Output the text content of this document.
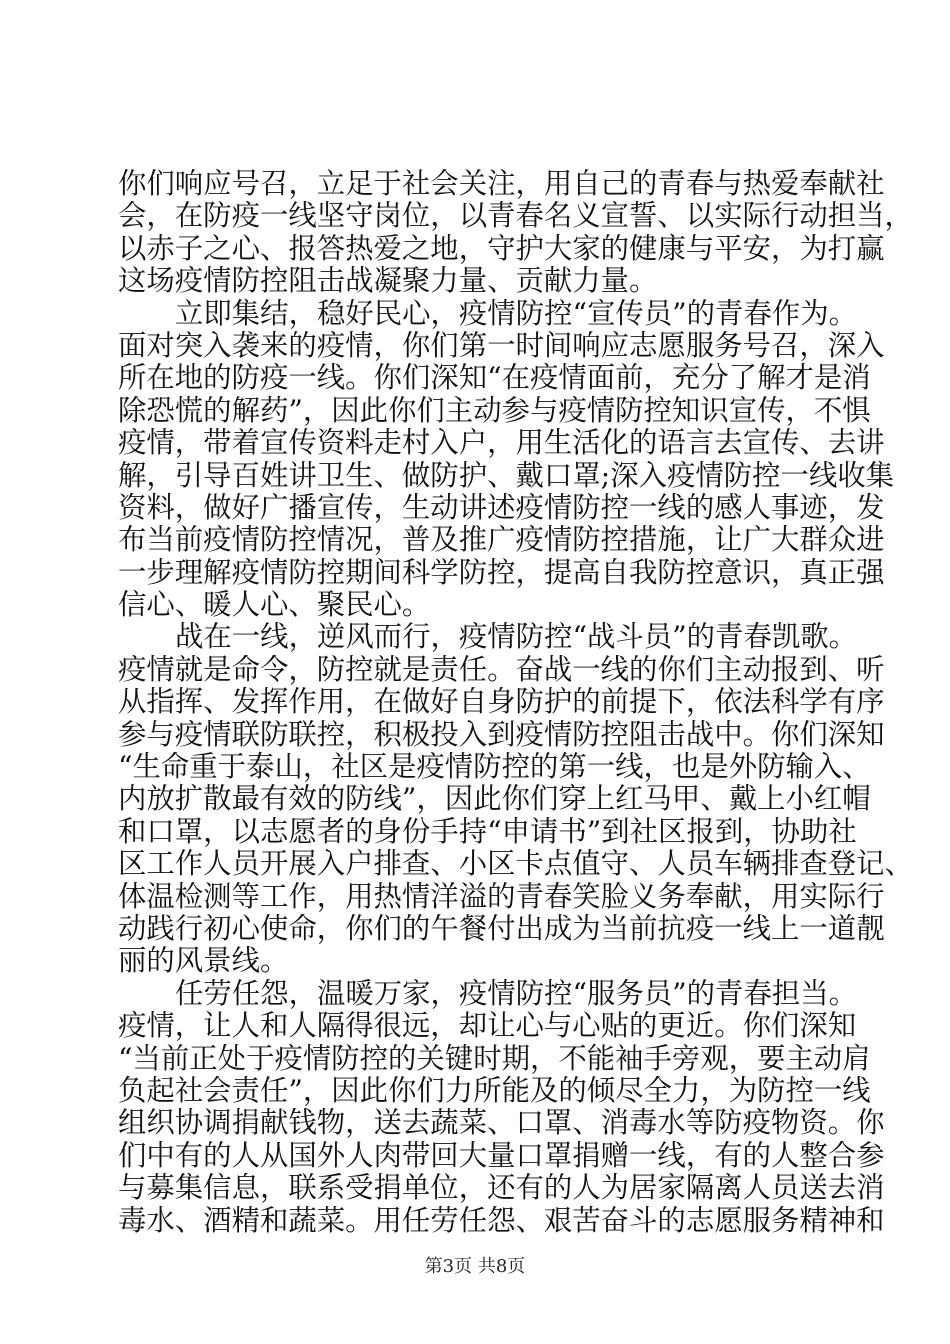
你们响应号召，立足于社会关注，用自己的青春与热爱奉献社
会，在防疫一线坚守岗位，以青春名义宣誓、以实际行动担当，
以赤子之心、报答热爱之地，守护大家的健康与平安，为打赢
这场疫情防控阻击战凝聚力量、贡献力量。
立即集结，稳好民心，疫情防控“宣传员”的青春作为。
面对突入袭来的疫情，你们第一时间响应志愿服务号召，深入
所在地的防疫一线。你们深知“在疫情面前，充分了解才是消
除恐慌的解药”，因此你们主动参与疫情防控知识宣传，不惧
疫情，带着宣传资料走村入户，用生活化的语言去宣传、去讲
解，引导百姓讲卫生、做防护、戴口罩;深入疫情防控一线收集
资料，做好广播宣传，生动讲述疫情防控一线的感人事迹，发
布当前疫情防控情况，普及推广疫情防控措施，让广大群众进
一步理解疫情防控期间科学防控，提高自我防控意识，真正强
信心、暖人心、聚民心。
战在一线，逆风而行，疫情防控“战斗员”的青春凯歌。
疫情就是命令，防控就是责任。奋战一线的你们主动报到、听
从指挥、发挥作用，在做好自身防护的前提下，依法科学有序
参与疫情联防联控，积极投入到疫情防控阻击战中。你们深知
“生命重于泰山，社区是疫情防控的第一线，也是外防输入、
内放扩散最有效的防线”，因此你们穿上红马甲、戴上小红帽
和口罩，以志愿者的身份手持“申请书”到社区报到，协助社
区工作人员开展入户排查、小区卡点值守、人员车辆排查登记、
体温检测等工作，用热情洋溢的青春笑脸义务奉献，用实际行
动践行初心使命，你们的午餐付出成为当前抗疫一线上一道靓
丽的风景线。
任劳任怨，温暖万家，疫情防控“服务员”的青春担当。
疫情，让人和人隔得很远，却让心与心贴的更近。你们深知
“当前正处于疫情防控的关键时期，不能袖手旁观，要主动肩
负起社会责任”，因此你们力所能及的倾尽全力，为防控一线
组织协调捐献钱物，送去蔬菜、口罩、消毒水等防疫物资。你
们中有的人从国外人肉带回大量口罩捐赠一线，有的人整合参
与募集信息，联系受捐单位，还有的人为居家隔离人员送去消
毒水、酒精和蔬菜。用任劳任怨、艰苦奋斗的志愿服务精神和
第3页 共8页
